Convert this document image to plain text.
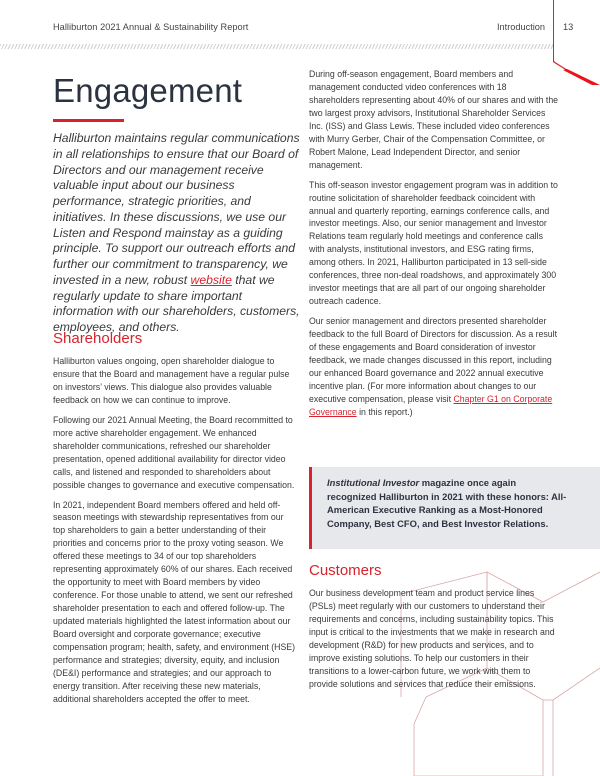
Halliburton 2021 Annual & Sustainability Report	Introduction 13
Engagement

Halliburton maintains regular communications in all relationships to ensure that our Board of Directors and our management receive valuable input about our business performance, strategic priorities, and initiatives. In these discussions, we use our Listen and Respond mainstay as a guiding principle. To support our outreach efforts and further our commitment to transparency, we invested in a new, robust website that we regularly update to share important information with our shareholders, customers, employees, and others.

Shareholders

Halliburton values ongoing, open shareholder dialogue to ensure that the Board and management have a regular pulse on investors’ views. This dialogue also provides valuable feedback on how we can continue to improve.

Following our 2021 Annual Meeting, the Board recommitted to more active shareholder engagement. We enhanced shareholder communications, refreshed our shareholder presentation, opened additional availability for director video calls, and listened and responded to shareholders about possible changes to governance and executive compensation.

In 2021, independent Board members offered and held off-season meetings with stewardship representatives from our top shareholders to gain a better understanding of their priorities and concerns prior to the proxy voting season. We offered these meetings to 34 of our top shareholders representing approximately 60% of our shares. Each received the opportunity to meet with Board members by video conference. For those unable to attend, we sent our refreshed shareholder presentation to each and offered follow-up. The updated materials highlighted the latest information about our Board oversight and corporate governance; executive compensation program; health, safety, and environment (HSE) performance and strategies; diversity, equity, and inclusion (DE&I) performance and strategies; and our approach to energy transition. After receiving these new materials, additional shareholders accepted the offer to meet.

During off-season engagement, Board members and management conducted video conferences with 18 shareholders representing about 40% of our shares and with the two largest proxy advisors, Institutional Shareholder Services Inc. (ISS) and Glass Lewis. These included video conferences with Murry Gerber, Chair of the Compensation Committee, or Robert Malone, Lead Independent Director, and senior management.

This off-season investor engagement program was in addition to routine solicitation of shareholder feedback coincident with annual and quarterly reporting, earnings conference calls, and investor meetings. Also, our senior management and Investor Relations team regularly hold meetings and conference calls with analysts, institutional investors, and ESG rating firms, among others. In 2021, Halliburton participated in 13 sell-side conferences, three non-deal roadshows, and approximately 300 investor meetings that are all part of our ongoing shareholder outreach cadence.

Our senior management and directors presented shareholder feedback to the full Board of Directors for discussion. As a result of these engagements and Board consideration of investor feedback, we made changes discussed in this report, including our enhanced Board governance and 2022 annual executive incentive plan. (For more information about changes to our executive compensation, please visit Chapter G1 on Corporate Governance in this report.)

Institutional Investor magazine once again recognized Halliburton in 2021 with these honors: All-American Executive Ranking as a Most-Honored Company, Best CFO, and Best Investor Relations.
Customers

Our business development team and product service lines (PSLs) meet regularly with our customers to understand their requirements and concerns, including sustainability topics. This input is critical to the investments that we make in research and development (R&D) for new products and services, and to improve existing solutions. To help our customers in their transitions to a lower-carbon future, we work with them to provide solutions and services that reduce their emissions.
